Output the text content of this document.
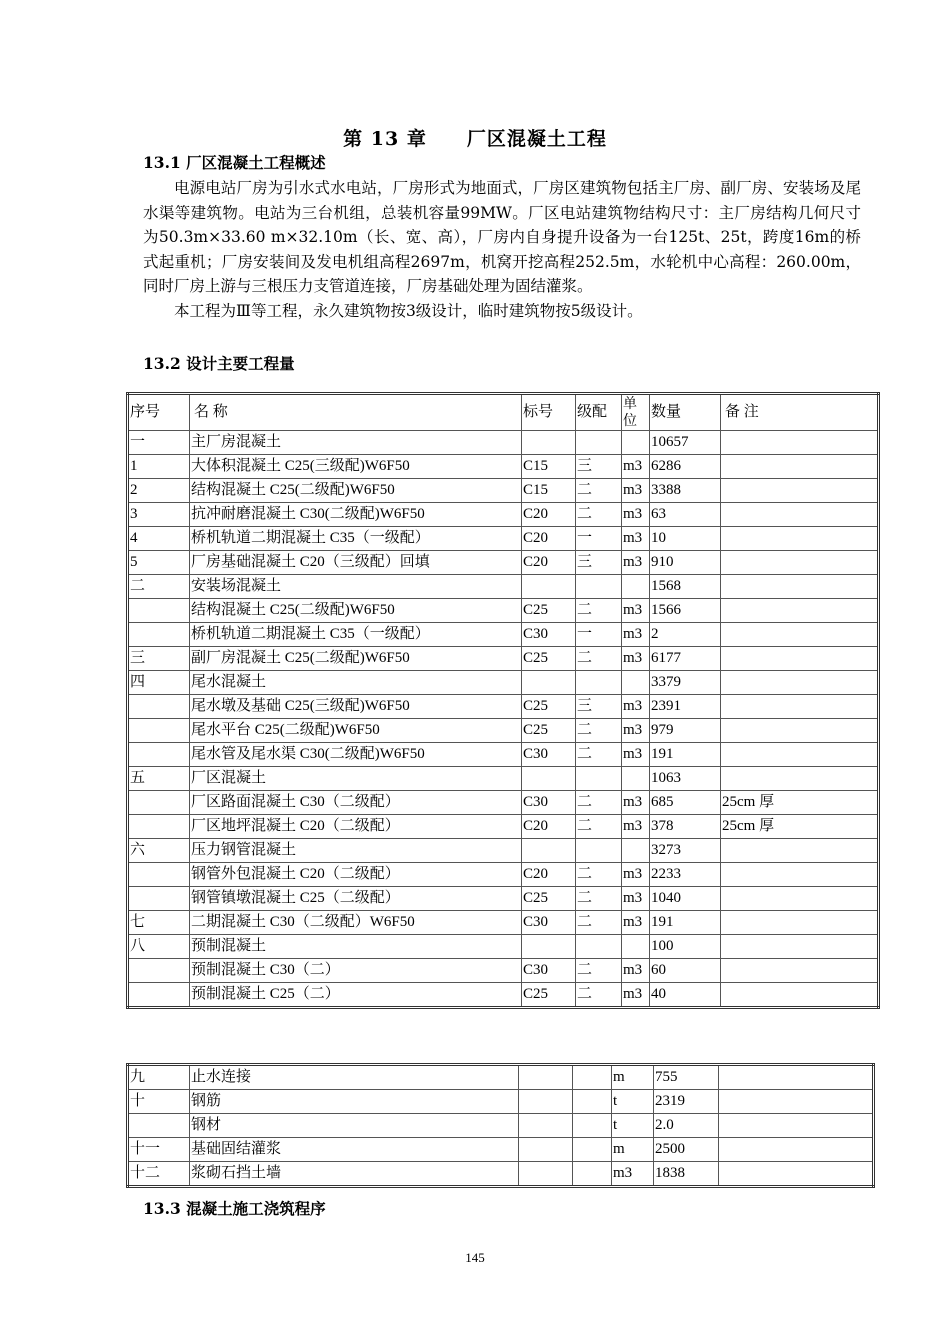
第 13 章　　厂区混凝土工程
13.1 厂区混凝土工程概述

电源电站厂房为引水式水电站，厂房形式为地面式，厂房区建筑物包括主厂房、副厂房、安装场及尾水渠等建筑物。电站为三台机组，总装机容量99MW。厂区电站建筑物结构尺寸：主厂房结构几何尺寸为50.3m×33.60 m×32.10m（长、宽、高），厂房内自身提升设备为一台125t、25t，跨度16m的桥式起重机；厂房安装间及发电机组高程2697m，机窝开挖高程252.5m，水轮机中心高程：260.00m，同时厂房上游与三根压力支管道连接，厂房基础处理为固结灌浆。

本工程为Ⅲ等工程，永久建筑物按3级设计，临时建筑物按5级设计。

13.2 设计主要工程量
序号	名 称	标号	级配	单位	数量	备 注
一	主厂房混凝土				10657	
1	大体积混凝土 C25(三级配)W6F50	C15	三	m3	6286	
2	结构混凝土 C25(二级配)W6F50	C15	二	m3	3388	
3	抗冲耐磨混凝土 C30(二级配)W6F50	C20	二	m3	63	
4	桥机轨道二期混凝土 C35（一级配）	C20	一	m3	10	
5	厂房基础混凝土 C20（三级配）回填	C20	三	m3	910	
二	安装场混凝土				1568	
	结构混凝土 C25(二级配)W6F50	C25	二	m3	1566	
	桥机轨道二期混凝土 C35（一级配）	C30	一	m3	2	
三	副厂房混凝土 C25(二级配)W6F50	C25	二	m3	6177	
四	尾水混凝土				3379	
	尾水墩及基础 C25(三级配)W6F50	C25	三	m3	2391	
	尾水平台 C25(二级配)W6F50	C25	二	m3	979	
	尾水管及尾水渠 C30(二级配)W6F50	C30	二	m3	191	
五	厂区混凝土				1063	
	厂区路面混凝土 C30（二级配）	C30	二	m3	685	25cm 厚
	厂区地坪混凝土 C20（二级配）	C20	二	m3	378	25cm 厚
六	压力钢管混凝土				3273	
	钢管外包混凝土 C20（二级配）	C20	二	m3	2233	
	钢管镇墩混凝土 C25（二级配）	C25	二	m3	1040	
七	二期混凝土 C30（二级配）W6F50	C30	二	m3	191	
八	预制混凝土				100	
	预制混凝土 C30（二）	C30	二	m3	60	
	预制混凝土 C25（二）	C25	二	m3	40	
九	止水连接			m	755	
十	钢筋			t	2319	
	钢材			t	2.0	
十一	基础固结灌浆			m	2500	
十二	浆砌石挡土墙			m3	1838	
13.3 混凝土施工浇筑程序
145
